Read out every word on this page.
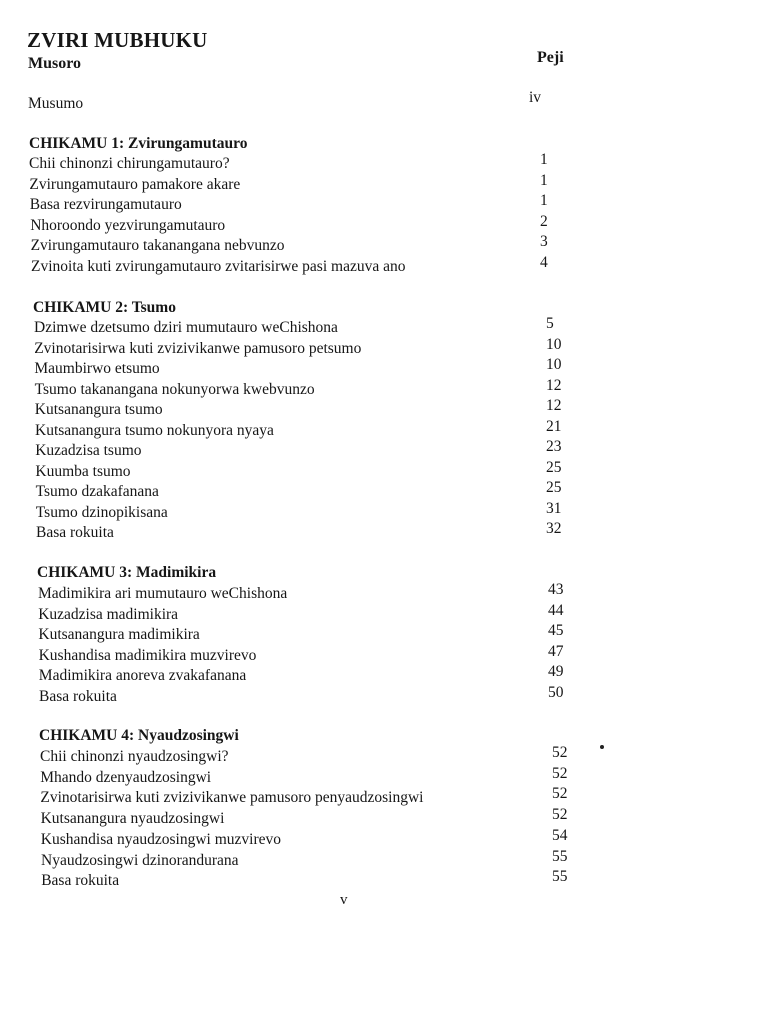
ZVIRI MUBHUKU
Musoro	Peji
Musumo	iv
CHIKAMU 1: Zvirungamutauro
Chii chinonzi chirungamutauro?	1
Zvirungamutauro pamakore akare	1
Basa rezvirungamutauro	1
Nhoroondo yezvirungamutauro	2
Zvirungamutauro takanangana nebvunzo	3
Zvinoita kuti zvirungamutauro zvitarisirwe pasi mazuva ano	4
CHIKAMU 2: Tsumo
Dzimwe dzetsumo dziri mumutauro weChishona	5
Zvinotarisirwa kuti zvizivikanwe pamusoro petsumo	10
Maumbirwo etsumo	10
Tsumo takanangana nokunyorwa kwebvunzo	12
Kutsanangura tsumo	12
Kutsanangura tsumo nokunyora nyaya	21
Kuzadzisa tsumo	23
Kuumba tsumo	25
Tsumo dzakafanana	25
Tsumo dzinopikisana	31
Basa rokuita	32
CHIKAMU 3: Madimikira
Madimikira ari mumutauro weChishona	43
Kuzadzisa madimikira	44
Kutsanangura madimikira	45
Kushandisa madimikira muzvirevo	47
Madimikira anoreva zvakafanana	49
Basa rokuita	50
CHIKAMU 4: Nyaudzosingwi
Chii chinonzi nyaudzosingwi?	52
Mhando dzenyaudzosingwi	52
Zvinotarisirwa kuti zvizivikanwe pamusoro penyaudzosingwi	52
Kutsanangura nyaudzosingwi	52
Kushandisa nyaudzosingwi muzvirevo	54
Nyaudzosingwi dzinorandurana	55
Basa rokuita	55
v
